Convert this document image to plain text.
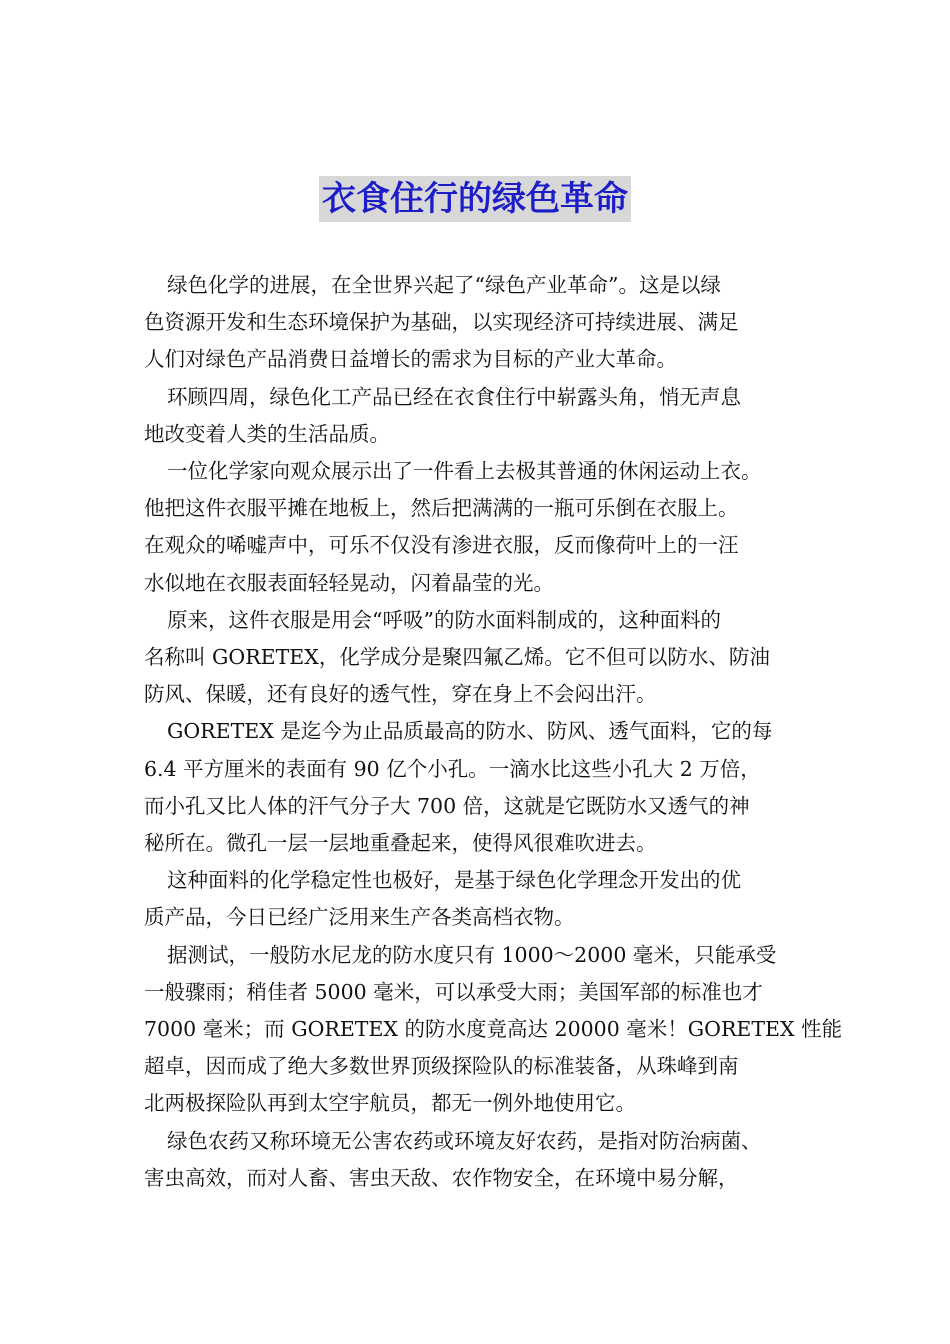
衣食住行的绿色革命
绿色化学的进展，在全世界兴起了“绿色产业革命”。这是以绿
色资源开发和生态环境保护为基础，以实现经济可持续进展、满足
人们对绿色产品消费日益增长的需求为目标的产业大革命。
环顾四周，绿色化工产品已经在衣食住行中崭露头角，悄无声息
地改变着人类的生活品质。
一位化学家向观众展示出了一件看上去极其普通的休闲运动上衣。
他把这件衣服平摊在地板上，然后把满满的一瓶可乐倒在衣服上。
在观众的唏嘘声中，可乐不仅没有渗进衣服，反而像荷叶上的一汪
水似地在衣服表面轻轻晃动，闪着晶莹的光。
原来，这件衣服是用会“呼吸”的防水面料制成的，这种面料的
名称叫 GORETEX，化学成分是聚四氟乙烯。它不但可以防水、防油
防风、保暖，还有良好的透气性，穿在身上不会闷出汗。
GORETEX 是迄今为止品质最高的防水、防风、透气面料，它的每
6.4 平方厘米的表面有 90 亿个小孔。一滴水比这些小孔大 2 万倍，
而小孔又比人体的汗气分子大 700 倍，这就是它既防水又透气的神
秘所在。微孔一层一层地重叠起来，使得风很难吹进去。
这种面料的化学稳定性也极好，是基于绿色化学理念开发出的优
质产品，今日已经广泛用来生产各类高档衣物。
据测试，一般防水尼龙的防水度只有 1000～2000 毫米，只能承受
一般骤雨；稍佳者 5000 毫米，可以承受大雨；美国军部的标准也才
7000 毫米；而 GORETEX 的防水度竟高达 20000 毫米！GORETEX 性能
超卓，因而成了绝大多数世界顶级探险队的标准装备，从珠峰到南
北两极探险队再到太空宇航员，都无一例外地使用它。
绿色农药又称环境无公害农药或环境友好农药，是指对防治病菌、
害虫高效，而对人畜、害虫天敌、农作物安全，在环境中易分解，
